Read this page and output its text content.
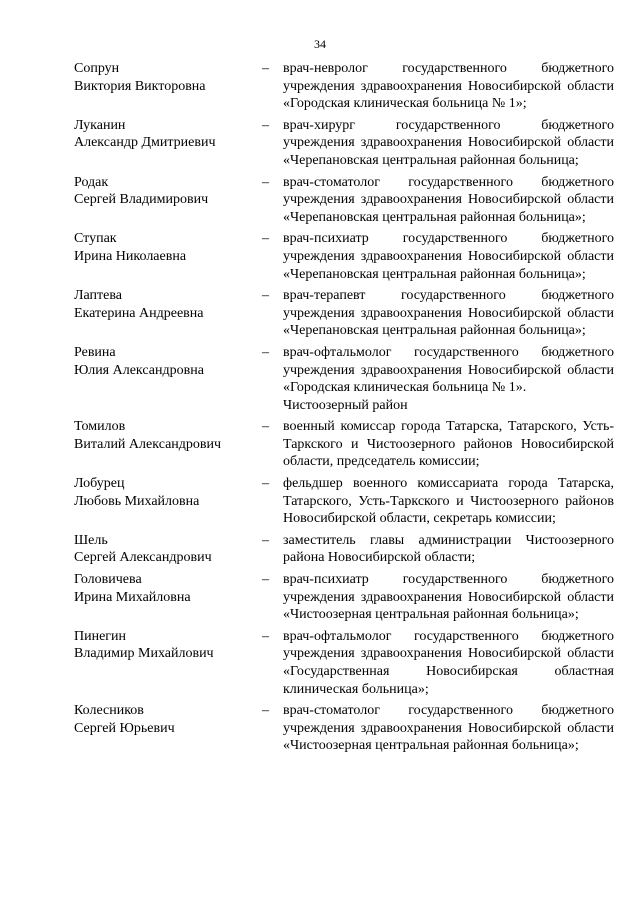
34
Сопрун
Виктория Викторовна
–	врач-невролог государственного бюджетного учреждения здравоохранения Новосибирской области «Городская клиническая больница № 1»;
Луканин
Александр Дмитриевич
–	врач-хирург государственного бюджетного учреждения здравоохранения Новосибирской области «Черепановская центральная районная больница;
Родак
Сергей Владимирович
–	врач-стоматолог государственного бюджетного учреждения здравоохранения Новосибирской области «Черепановская центральная районная больница»;
Ступак
Ирина Николаевна
–	врач-психиатр государственного бюджетного учреждения здравоохранения Новосибирской области «Черепановская центральная районная больница»;
Лаптева
Екатерина Андреевна
–	врач-терапевт государственного бюджетного учреждения здравоохранения Новосибирской области «Черепановская центральная районная больница»;
Ревина
Юлия Александровна
–	врач-офтальмолог государственного бюджетного учреждения здравоохранения Новосибирской области «Городская клиническая больница № 1».
Чистоозерный район
Томилов
Виталий Александрович
–	военный комиссар города Татарска, Татарского, Усть-Таркского и Чистоозерного районов Новосибирской области, председатель комиссии;
Лобурец
Любовь Михайловна
–	фельдшер военного комиссариата города Татарска, Татарского, Усть-Таркского и Чистоозерного районов Новосибирской области, секретарь комиссии;
Шель
Сергей Александрович
–	заместитель главы администрации Чистоозерного района Новосибирской области;
Головичева
Ирина Михайловна
–	врач-психиатр государственного бюджетного учреждения здравоохранения Новосибирской области «Чистоозерная центральная районная больница»;
Пинегин
Владимир Михайлович
–	врач-офтальмолог государственного бюджетного учреждения здравоохранения Новосибирской области «Государственная Новосибирская областная клиническая больница»;
Колесников
Сергей Юрьевич
–	врач-стоматолог государственного бюджетного учреждения здравоохранения Новосибирской области «Чистоозерная центральная районная больница»;
